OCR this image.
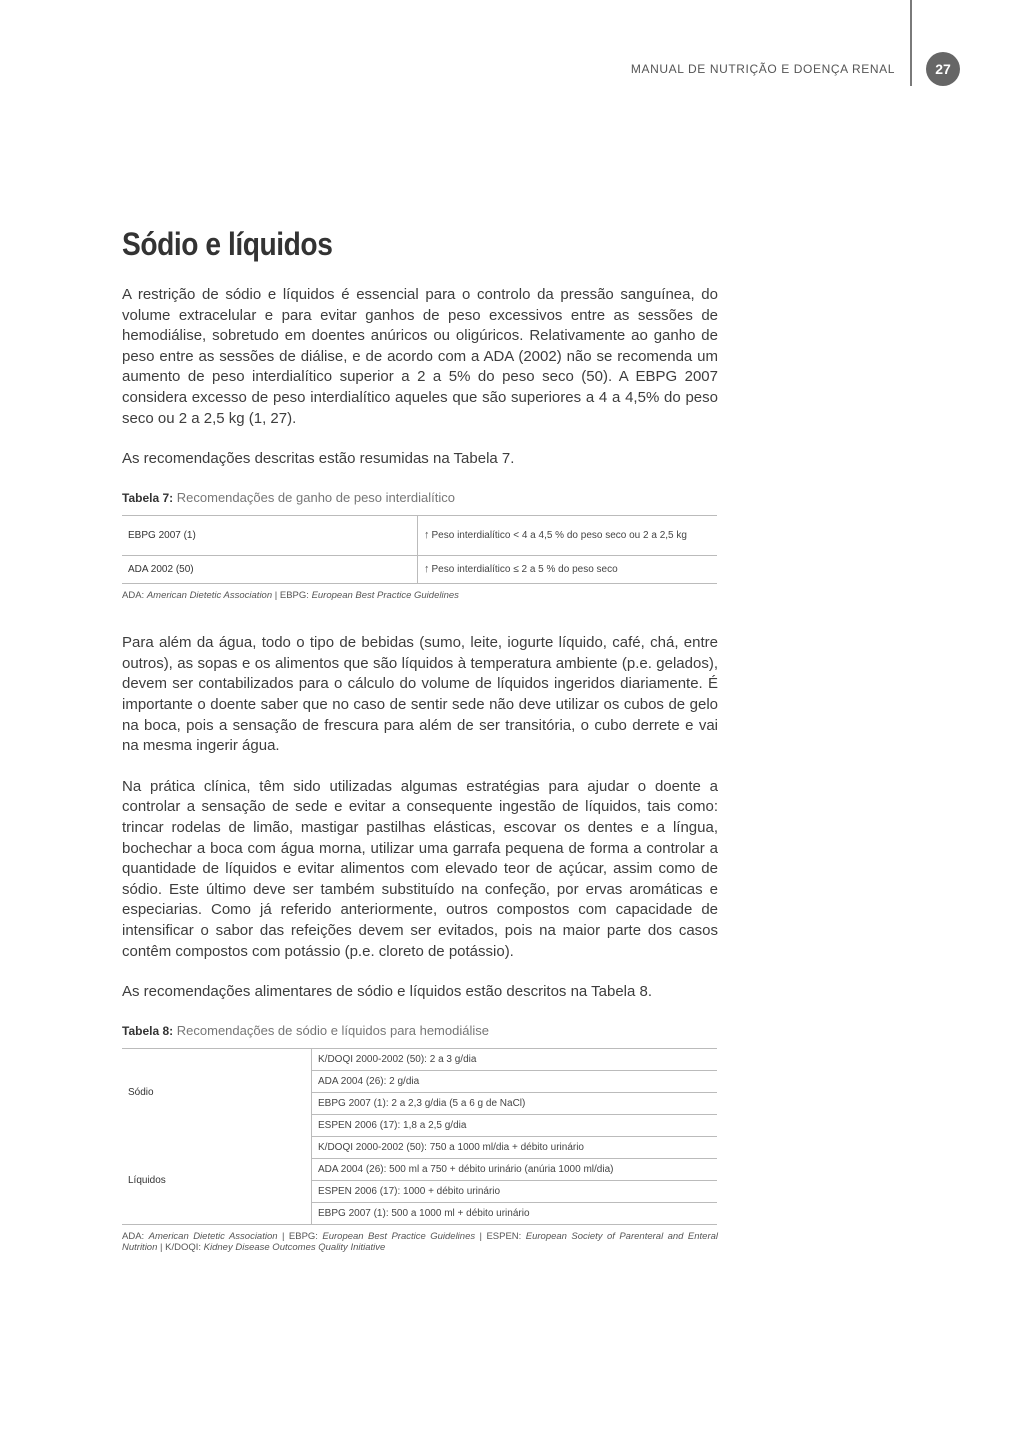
MANUAL DE NUTRIÇÃO E DOENÇA RENAL	27
Sódio e líquidos

A restrição de sódio e líquidos é essencial para o controlo da pressão sanguínea, do volume extracelular e para evitar ganhos de peso excessivos entre as sessões de hemodiálise, sobretudo em doentes anúricos ou oligúricos. Relativamente ao ganho de peso entre as sessões de diálise, e de acordo com a ADA (2002) não se recomenda um aumento de peso interdialítico superior a 2 a 5% do peso seco (50). A EBPG 2007 considera excesso de peso interdialítico aqueles que são superiores a 4 a 4,5% do peso seco ou 2 a 2,5 kg (1, 27).

As recomendações descritas estão resumidas na Tabela 7.

Tabela 7: Recomendações de ganho de peso interdialítico
EBPG 2007 (1)	↑ Peso interdialítico < 4 a 4,5 % do peso seco ou 2 a 2,5 kg
ADA 2002 (50)	↑ Peso interdialítico ≤ 2 a 5 % do peso seco
ADA: American Dietetic Association | EBPG: European Best Practice Guidelines

Para além da água, todo o tipo de bebidas (sumo, leite, iogurte líquido, café, chá, entre outros), as sopas e os alimentos que são líquidos à temperatura ambiente (p.e. gelados), devem ser contabilizados para o cálculo do volume de líquidos ingeridos diariamente. É importante o doente saber que no caso de sentir sede não deve utilizar os cubos de gelo na boca, pois a sensação de frescura para além de ser transitória, o cubo derrete e vai na mesma ingerir água.

Na prática clínica, têm sido utilizadas algumas estratégias para ajudar o doente a controlar a sensação de sede e evitar a consequente ingestão de líquidos, tais como: trincar rodelas de limão, mastigar pastilhas elásticas, escovar os dentes e a língua, bochechar a boca com água morna, utilizar uma garrafa pequena de forma a controlar a quantidade de líquidos e evitar alimentos com elevado teor de açúcar, assim como de sódio. Este último deve ser também substituído na confeção, por ervas aromáticas e especiarias. Como já referido anteriormente, outros compostos com capacidade de intensificar o sabor das refeições devem ser evitados, pois na maior parte dos casos contêm compostos com potássio (p.e. cloreto de potássio).

As recomendações alimentares de sódio e líquidos estão descritos na Tabela 8.

Tabela 8: Recomendações de sódio e líquidos para hemodiálise
Sódio	K/DOQI 2000-2002 (50): 2 a 3 g/dia
	ADA 2004 (26): 2 g/dia
	EBPG 2007 (1): 2 a 2,3 g/dia (5 a 6 g de NaCl)
	ESPEN 2006 (17): 1,8 a 2,5 g/dia
Líquidos	K/DOQI 2000-2002 (50): 750 a 1000 ml/dia + débito urinário
	ADA 2004 (26): 500 ml a 750 + débito urinário (anúria 1000 ml/dia)
	ESPEN 2006 (17): 1000 + débito urinário
	EBPG 2007 (1): 500 a 1000 ml + débito urinário
ADA: American Dietetic Association | EBPG: European Best Practice Guidelines | ESPEN: European Society of Parenteral and Enteral Nutrition | K/DOQI: Kidney Disease Outcomes Quality Initiative
